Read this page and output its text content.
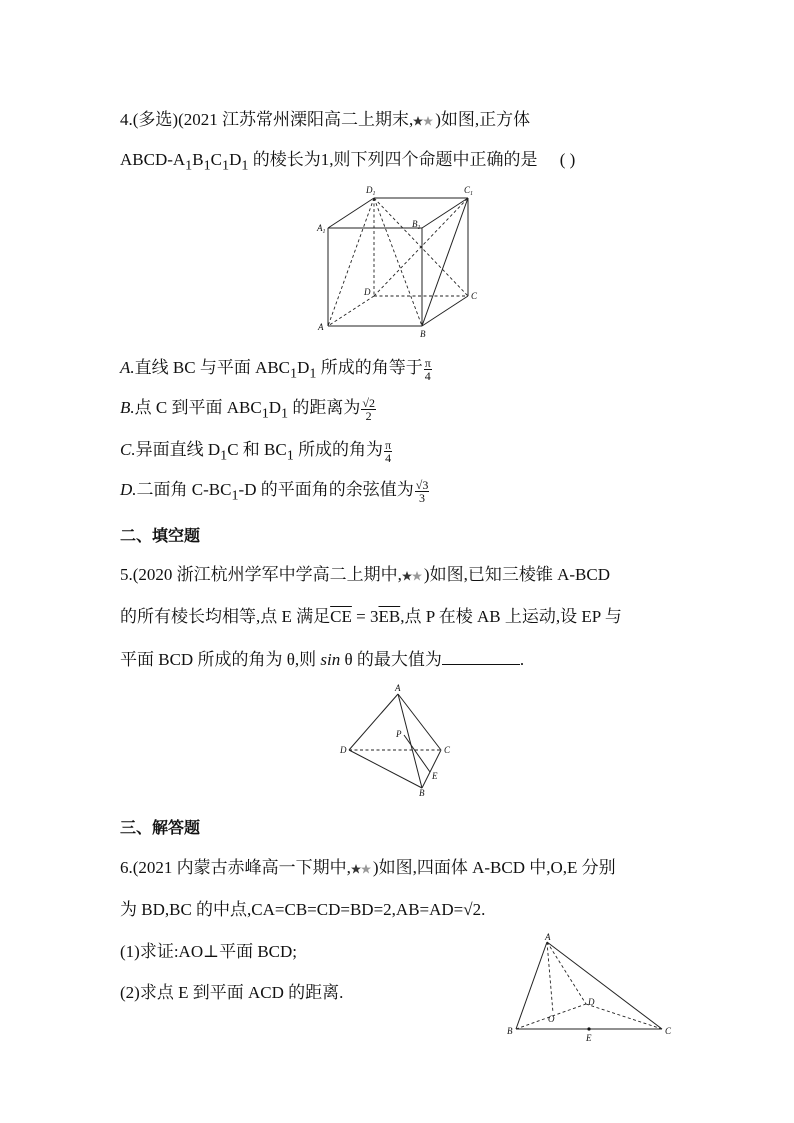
4.(多选)(2021 江苏常州溧阳高二上期末, )如图,正方体
ABCD-$A_1B_1C_1D_1$ 的棱长为1,则下列四个命题中正确的是 ( )
$D_1$	$C_1$
$A_1$
$B_1$
D	C
A
B
A.直线 BC 与平面 $ABC_1D_1$ 所成的角等于 $\frac{\pi}{4}$
B.点 C 到平面 $ABC_1D_1$ 的距离为 $\frac{√2}{2}$
C.异面直线 $D_1C$ 和 $BC_1$ 所成的角为 $\frac{\pi}{4}$
D.二面角 $C-BC_1-D$ 的平面角的余弦值为 $\frac{√3}{3}$
二、填空题
5.(2020 浙江杭州学军中学高二上期中, )如图,已知三棱锥 A-BCD
的所有棱长均相等,点 E 满足$\overline{CE} = 3\overline{EB}$,点 P 在棱 AB 上运动,设 EP 与
平面 BCD 所成的角为 θ,则 sin θ 的最大值为	.
A
P
D	C
E
B
三、解答题
6.(2021 内蒙古赤峰高一下期中, )如图,四面体 A-BCD 中,O,E 分别
为 BD,BC 的中点,CA=CB=CD=BD=2,AB=AD=√2.
(1)求证:AO⊥平面 BCD;
(2)求点 E 到平面 ACD 的距离.
A
B	C
D
O
E
